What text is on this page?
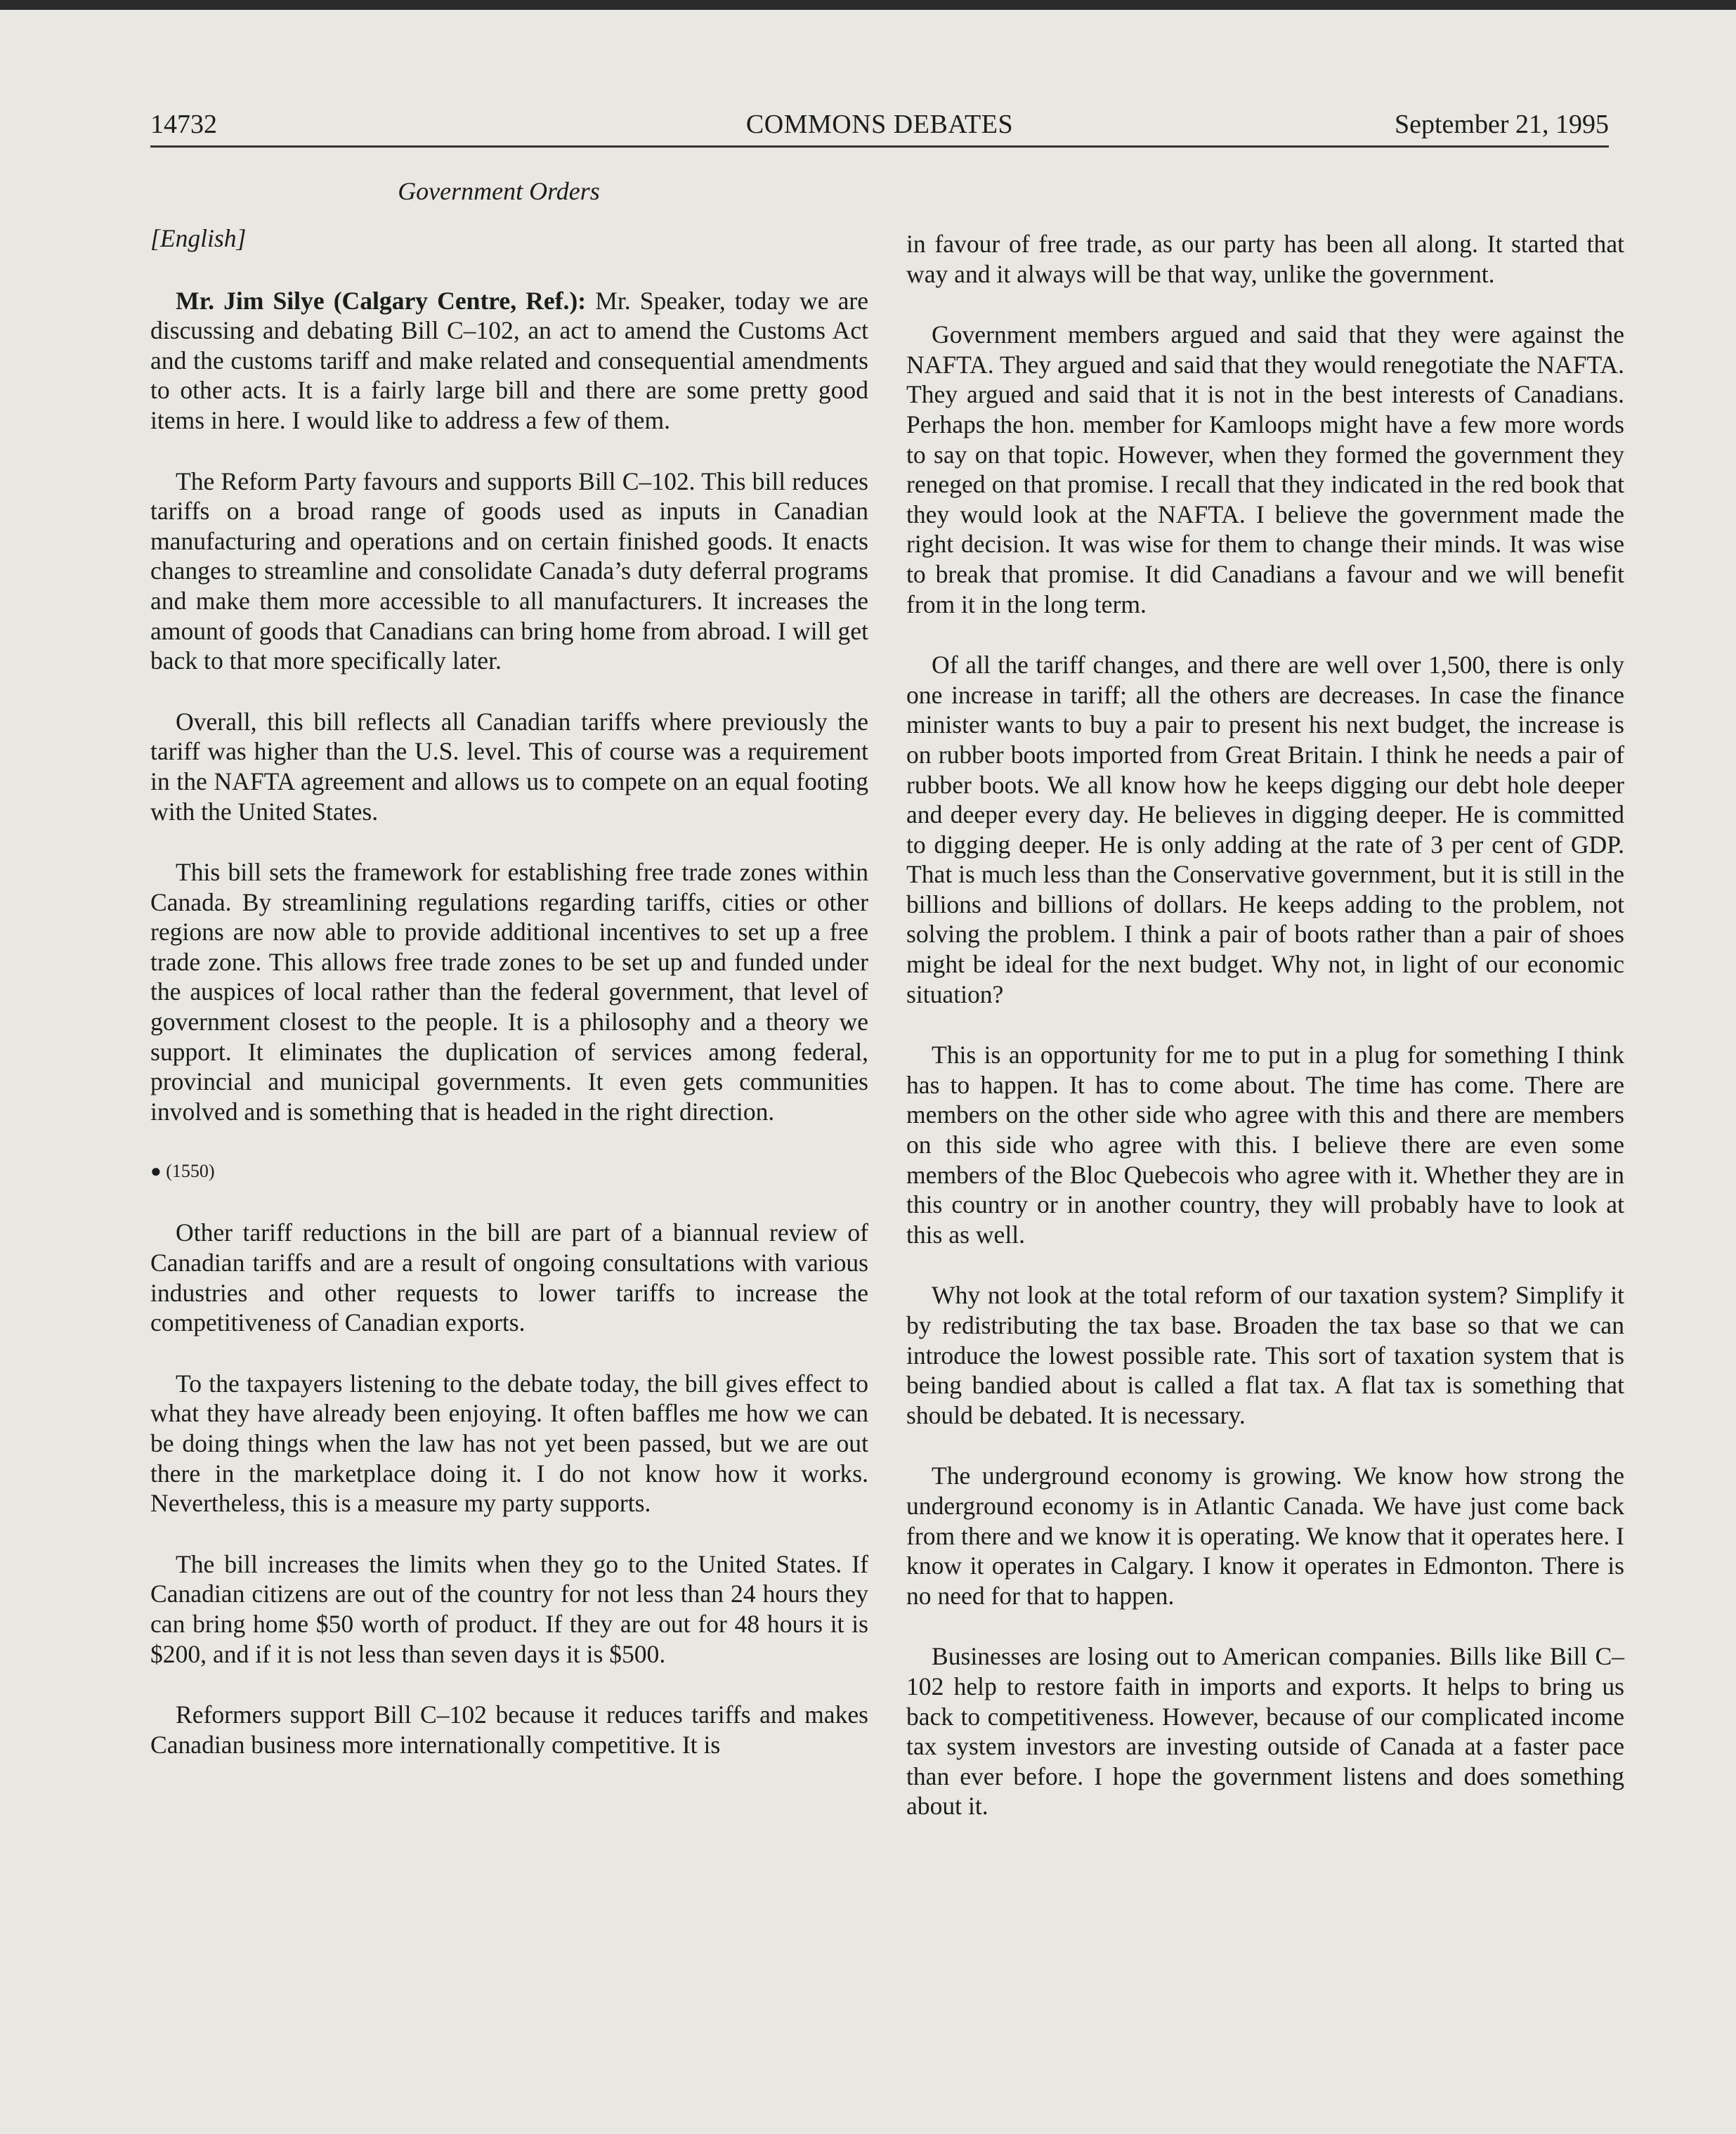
14732	COMMONS DEBATES	September 21, 1995
Government Orders

[English]

Mr. Jim Silye (Calgary Centre, Ref.): Mr. Speaker, today we are discussing and debating Bill C–102, an act to amend the Customs Act and the customs tariff and make related and consequential amendments to other acts. It is a fairly large bill and there are some pretty good items in here. I would like to address a few of them.

The Reform Party favours and supports Bill C–102. This bill reduces tariffs on a broad range of goods used as inputs in Canadian manufacturing and operations and on certain finished goods. It enacts changes to streamline and consolidate Canada’s duty deferral programs and make them more accessible to all manufacturers. It increases the amount of goods that Canadians can bring home from abroad. I will get back to that more specifically later.

Overall, this bill reflects all Canadian tariffs where previously the tariff was higher than the U.S. level. This of course was a requirement in the NAFTA agreement and allows us to compete on an equal footing with the United States.

This bill sets the framework for establishing free trade zones within Canada. By streamlining regulations regarding tariffs, cities or other regions are now able to provide additional incentives to set up a free trade zone. This allows free trade zones to be set up and funded under the auspices of local rather than the federal government, that level of government closest to the people. It is a philosophy and a theory we support. It eliminates the duplication of services among federal, provincial and municipal governments. It even gets communities involved and is something that is headed in the right direction.

● (1550)

Other tariff reductions in the bill are part of a biannual review of Canadian tariffs and are a result of ongoing consultations with various industries and other requests to lower tariffs to increase the competitiveness of Canadian exports.

To the taxpayers listening to the debate today, the bill gives effect to what they have already been enjoying. It often baffles me how we can be doing things when the law has not yet been passed, but we are out there in the marketplace doing it. I do not know how it works. Nevertheless, this is a measure my party supports.

The bill increases the limits when they go to the United States. If Canadian citizens are out of the country for not less than 24 hours they can bring home $50 worth of product. If they are out for 48 hours it is $200, and if it is not less than seven days it is $500.

Reformers support Bill C–102 because it reduces tariffs and makes Canadian business more internationally competitive. It is

in favour of free trade, as our party has been all along. It started that way and it always will be that way, unlike the government.

Government members argued and said that they were against the NAFTA. They argued and said that they would renegotiate the NAFTA. They argued and said that it is not in the best interests of Canadians. Perhaps the hon. member for Kamloops might have a few more words to say on that topic. However, when they formed the government they reneged on that promise. I recall that they indicated in the red book that they would look at the NAFTA. I believe the government made the right decision. It was wise for them to change their minds. It was wise to break that promise. It did Canadians a favour and we will benefit from it in the long term.

Of all the tariff changes, and there are well over 1,500, there is only one increase in tariff; all the others are decreases. In case the finance minister wants to buy a pair to present his next budget, the increase is on rubber boots imported from Great Britain. I think he needs a pair of rubber boots. We all know how he keeps digging our debt hole deeper and deeper every day. He believes in digging deeper. He is committed to digging deeper. He is only adding at the rate of 3 per cent of GDP. That is much less than the Conservative government, but it is still in the billions and billions of dollars. He keeps adding to the problem, not solving the problem. I think a pair of boots rather than a pair of shoes might be ideal for the next budget. Why not, in light of our economic situation?

This is an opportunity for me to put in a plug for something I think has to happen. It has to come about. The time has come. There are members on the other side who agree with this and there are members on this side who agree with this. I believe there are even some members of the Bloc Quebecois who agree with it. Whether they are in this country or in another country, they will probably have to look at this as well.

Why not look at the total reform of our taxation system? Simplify it by redistributing the tax base. Broaden the tax base so that we can introduce the lowest possible rate. This sort of taxation system that is being bandied about is called a flat tax. A flat tax is something that should be debated. It is necessary.

The underground economy is growing. We know how strong the underground economy is in Atlantic Canada. We have just come back from there and we know it is operating. We know that it operates here. I know it operates in Calgary. I know it operates in Edmonton. There is no need for that to happen.

Businesses are losing out to American companies. Bills like Bill C–102 help to restore faith in imports and exports. It helps to bring us back to competitiveness. However, because of our complicated income tax system investors are investing outside of Canada at a faster pace than ever before. I hope the government listens and does something about it.
